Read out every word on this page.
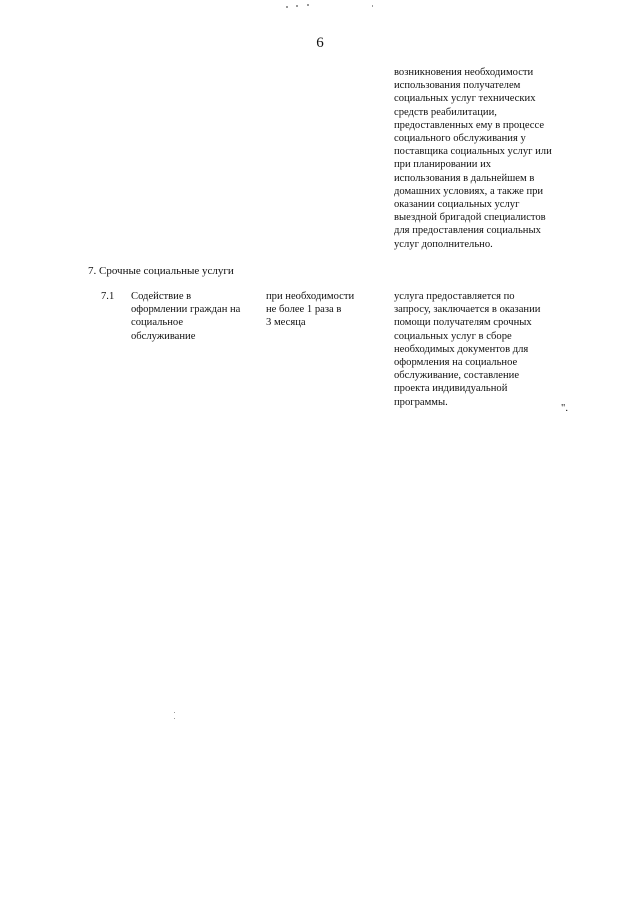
6
возникновения необходимости
использования получателем
социальных услуг технических
средств реабилитации,
предоставленных ему в процессе
социального обслуживания у
поставщика социальных услуг или
при планировании их
использования в дальнейшем в
домашних условиях, а также при
оказании социальных услуг
выездной бригадой специалистов
для предоставления социальных
услуг дополнительно.
7. Срочные социальные услуги
7.1	Содействие в
оформлении граждан на
социальное
обслуживание
при необходимости
не более 1 раза в
3 месяца
услуга предоставляется по
запросу, заключается в оказании
помощи получателям срочных
социальных услуг в сборе
необходимых документов для
оформления на социальное
обслуживание, составление
проекта индивидуальной
программы.
".
